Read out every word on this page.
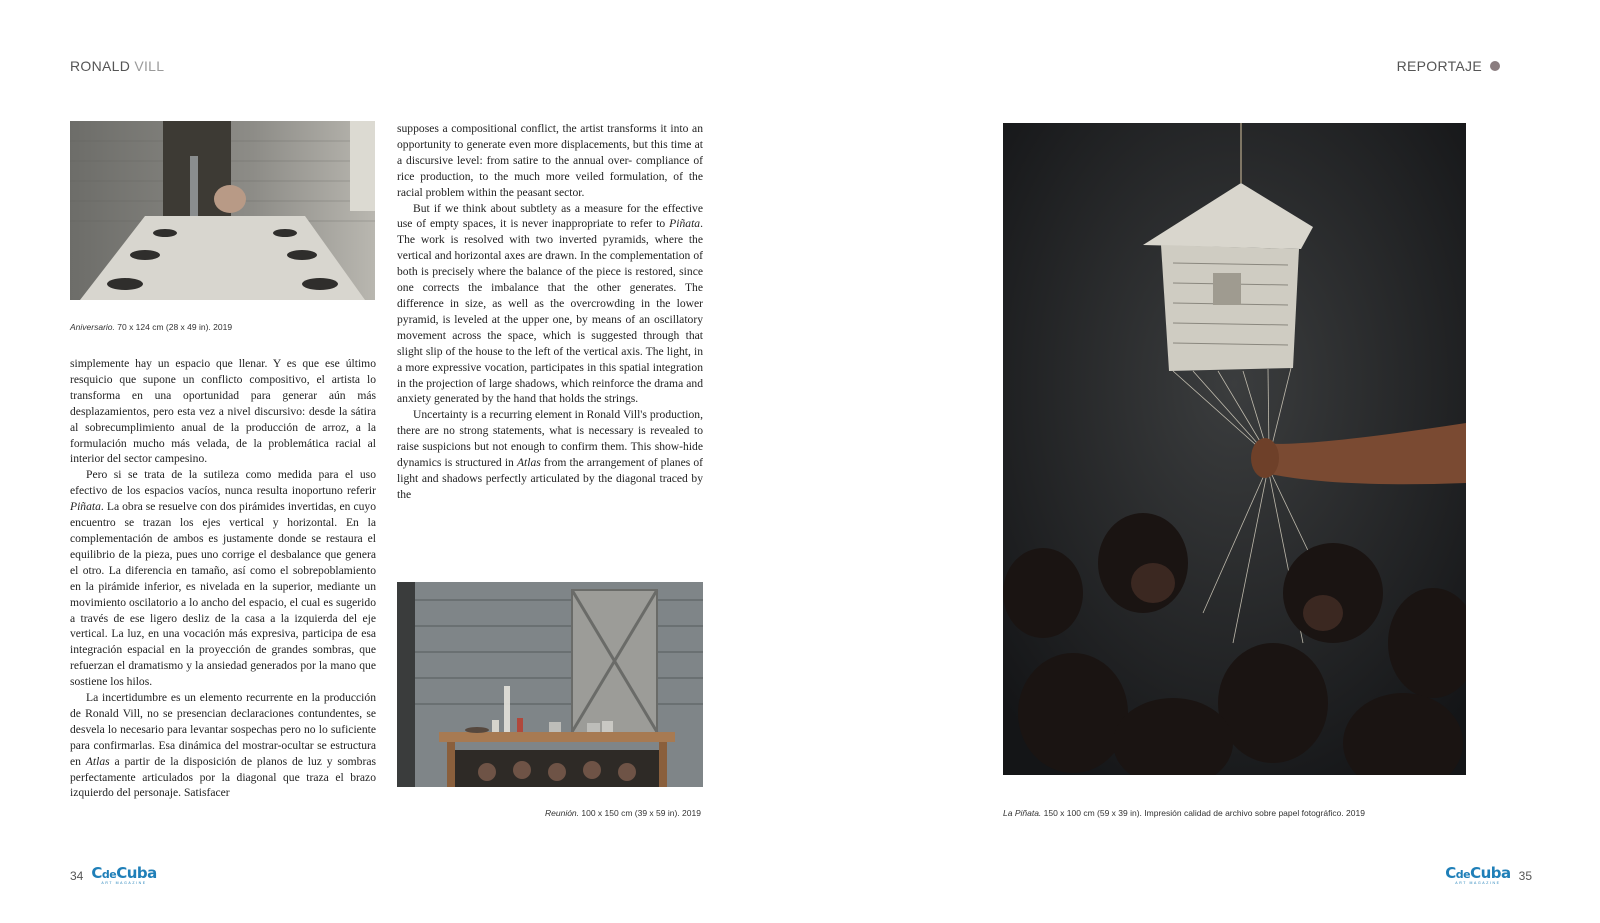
RONALD VILL	REPORTAJE
Aniversario. 70 x 124 cm (28 x 49 in). 2019

simplemente hay un espacio que llenar. Y es que ese último resquicio que supone un conflicto compositivo, el artista lo transforma en una oportunidad para generar aún más desplazamientos, pero esta vez a nivel discursivo: desde la sátira al sobrecumplimiento anual de la producción de arroz, a la formulación mucho más velada, de la problemática racial al interior del sector campesino.

Pero si se trata de la sutileza como medida para el uso efectivo de los espacios vacíos, nunca resulta inoportuno referir Piñata. La obra se resuelve con dos pirámides invertidas, en cuyo encuentro se trazan los ejes vertical y horizontal. En la complementación de ambos es justamente donde se restaura el equilibrio de la pieza, pues uno corrige el desbalance que genera el otro. La diferencia en tamaño, así como el sobrepoblamiento en la pirámide inferior, es nivelada en la superior, mediante un movimiento oscilatorio a lo ancho del espacio, el cual es sugerido a través de ese ligero desliz de la casa a la izquierda del eje vertical. La luz, en una vocación más expresiva, participa de esa integración espacial en la proyección de grandes sombras, que refuerzan el dramatismo y la ansiedad generados por la mano que sostiene los hilos.

La incertidumbre es un elemento recurrente en la producción de Ronald Vill, no se presencian declaraciones contundentes, se desvela lo necesario para levantar sospechas pero no lo suficiente para confirmarlas. Esa dinámica del mostrar-ocultar se estructura en Atlas a partir de la disposición de planos de luz y sombras perfectamente articulados por la diagonal que traza el brazo izquierdo del personaje. Satisfacer

supposes a compositional conflict, the artist transforms it into an opportunity to generate even more displacements, but this time at a discursive level: from satire to the annual over- compliance of rice production, to the much more veiled formulation, of the racial problem within the peasant sector.

But if we think about subtlety as a measure for the effective use of empty spaces, it is never inappropriate to refer to Piñata. The work is resolved with two inverted pyramids, where the vertical and horizontal axes are drawn. In the complementation of both is precisely where the balance of the piece is restored, since one corrects the imbalance that the other generates. The difference in size, as well as the overcrowding in the lower pyramid, is leveled at the upper one, by means of an oscillatory movement across the space, which is suggested through that slight slip of the house to the left of the vertical axis. The light, in a more expressive vocation, participates in this spatial integration in the projection of large shadows, which reinforce the drama and anxiety generated by the hand that holds the strings.

Uncertainty is a recurring element in Ronald Vill's production, there are no strong statements, what is necessary is revealed to raise suspicions but not enough to confirm them. This show-hide dynamics is structured in Atlas from the arrangement of planes of light and shadows perfectly articulated by the diagonal traced by the

Reunión. 100 x 150 cm (39 x 59 in). 2019	La Piñata. 150 x 100 cm (59 x 39 in). Impresión calidad de archivo sobre papel fotográfico. 2019
34 CdeCuba
ART MAGAZINE
CdeCuba
ART MAGAZINE
35
